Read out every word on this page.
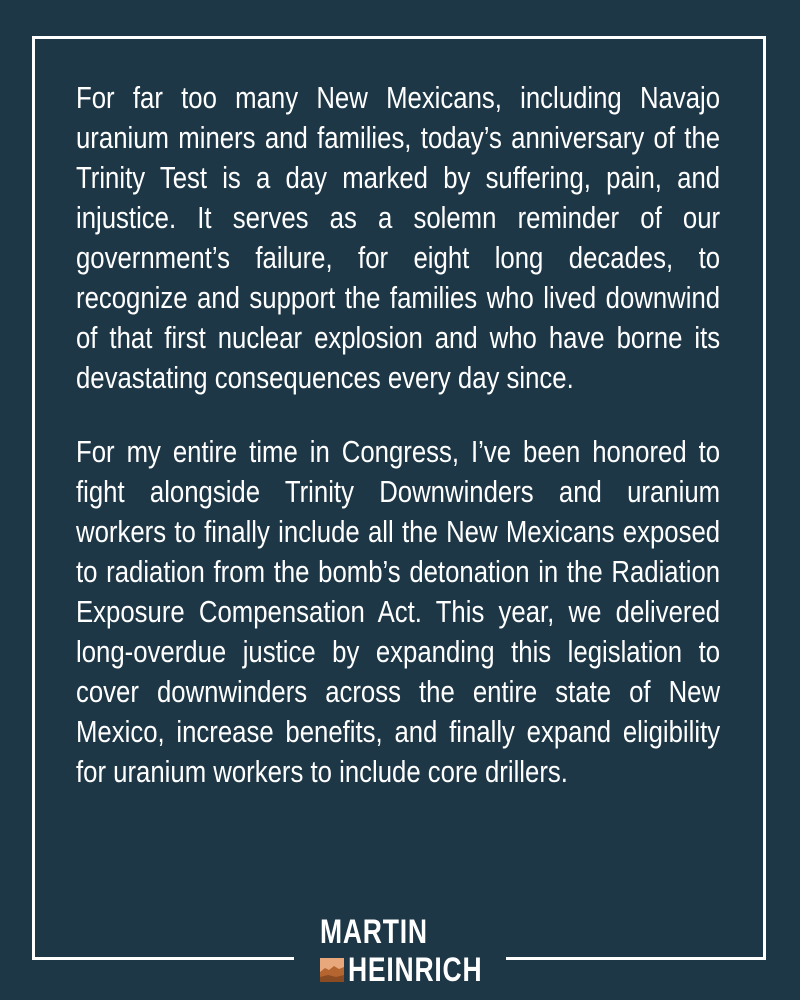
For far too many New Mexicans, including Navajo uranium miners and families, today’s anniversary of the Trinity Test is a day marked by suffering, pain, and injustice. It serves as a solemn reminder of our government’s failure, for eight long decades, to recognize and support the families who lived downwind of that first nuclear explosion and who have borne its devastating consequences every day since.

For my entire time in Congress, I’ve been honored to fight alongside Trinity Downwinders and uranium workers to finally include all the New Mexicans exposed to radiation from the bomb’s detonation in the Radiation Exposure Compensation Act. This year, we delivered long-overdue justice by expanding this legislation to cover downwinders across the entire state of New Mexico, increase benefits, and finally expand eligibility for uranium workers to include core drillers.

MARTIN
HEINRICH
